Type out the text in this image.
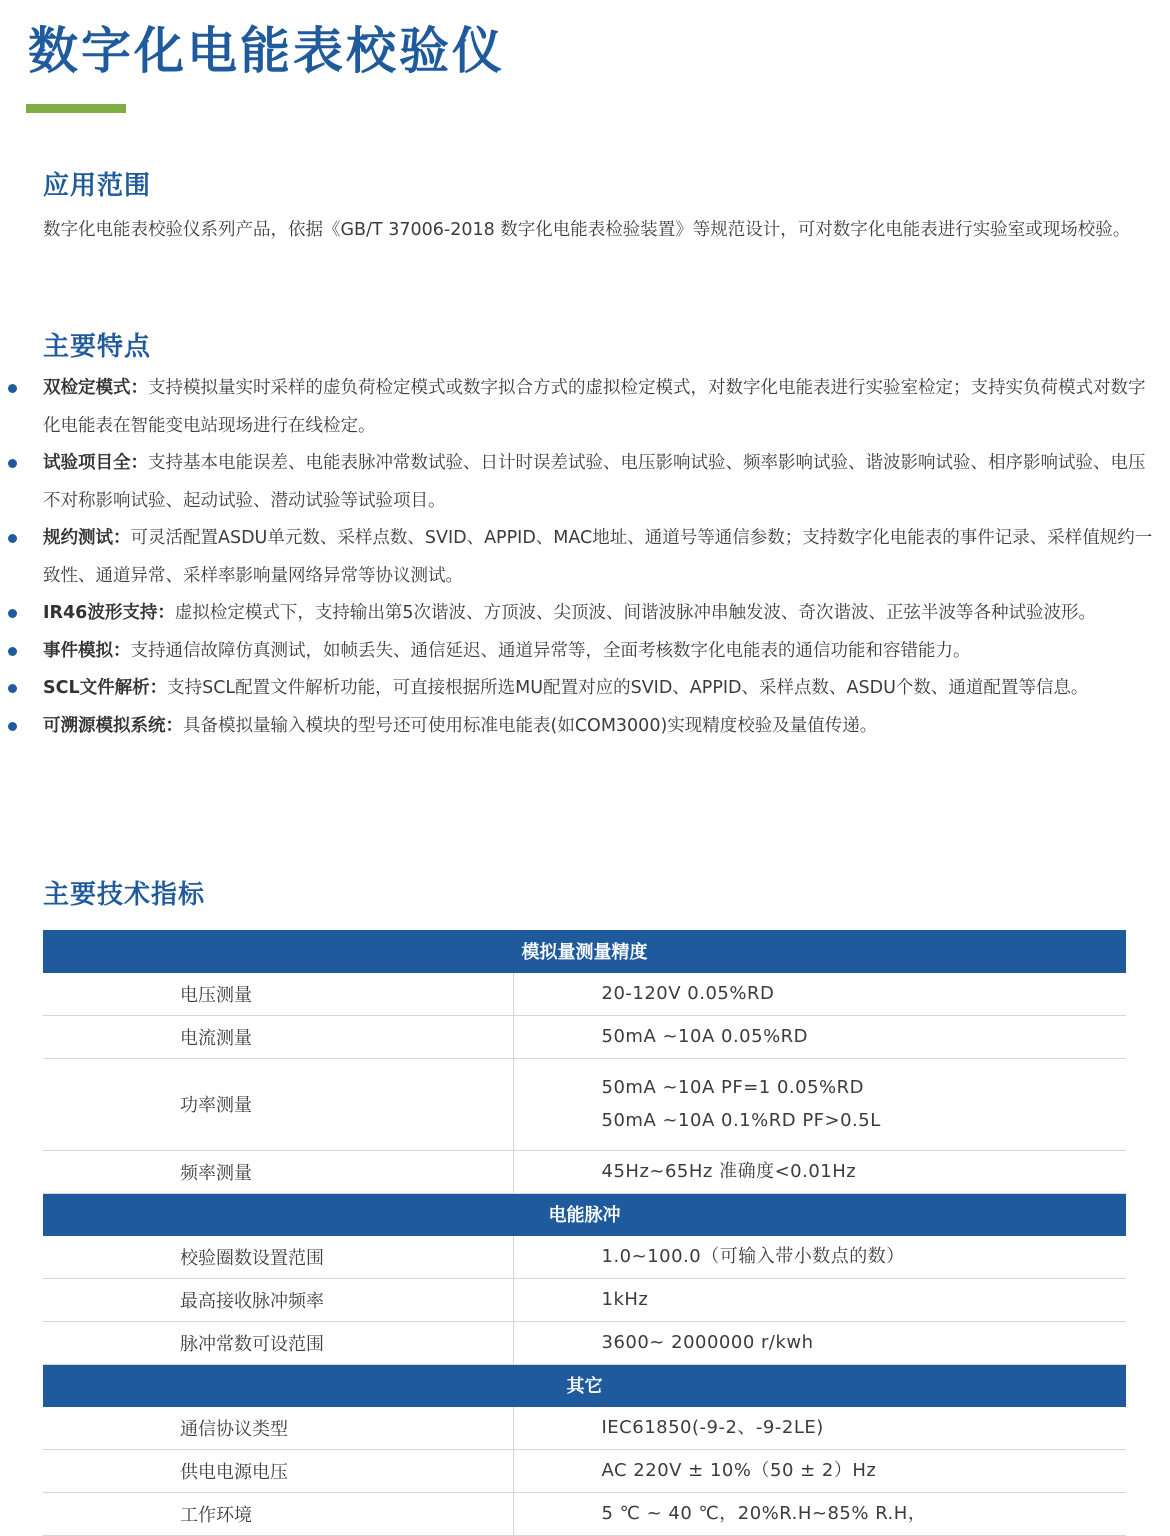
数字化电能表校验仪
应用范围
数字化电能表校验仪系列产品，依据《GB/T 37006-2018 数字化电能表检验装置》等规范设计，可对数字化电能表进行实验室或现场校验。
主要特点
双检定模式：支持模拟量实时采样的虚负荷检定模式或数字拟合方式的虚拟检定模式，对数字化电能表进行实验室检定；支持实负荷模式对数字化电能表在智能变电站现场进行在线检定。
试验项目全：支持基本电能误差、电能表脉冲常数试验、日计时误差试验、电压影响试验、频率影响试验、谐波影响试验、相序影响试验、电压不对称影响试验、起动试验、潜动试验等试验项目。
规约测试：可灵活配置ASDU单元数、采样点数、SVID、APPID、MAC地址、通道号等通信参数；支持数字化电能表的事件记录、采样值规约一致性、通道异常、采样率影响量网络异常等协议测试。
IR46波形支持：虚拟检定模式下，支持输出第5次谐波、方顶波、尖顶波、间谐波脉冲串触发波、奇次谐波、正弦半波等各种试验波形。
事件模拟：支持通信故障仿真测试，如帧丢失、通信延迟、通道异常等，全面考核数字化电能表的通信功能和容错能力。
SCL文件解析：支持SCL配置文件解析功能，可直接根据所选MU配置对应的SVID、APPID、采样点数、ASDU个数、通道配置等信息。
可溯源模拟系统：具备模拟量输入模块的型号还可使用标准电能表(如COM3000)实现精度校验及量值传递。
主要技术指标
模拟量测量精度	
电压测量	20-120V 0.05%RD

电流测量	50mA ~10A 0.05%RD

功率测量	50mA ~10A PF=1 0.05%RD
50mA ~10A 0.1%RD PF>0.5L

频率测量	45Hz~65Hz 准确度<0.01Hz

电能脉冲	
校验圈数设置范围	1.0~100.0（可输入带小数点的数）

最高接收脉冲频率	1kHz

脉冲常数可设范围	3600~ 2000000 r/kwh

其它	
通信协议类型	IEC61850(-9-2、-9-2LE)

供电电源电压	AC 220V ± 10%（50 ± 2）Hz

工作环境	5 ℃ ~ 40 ℃，20%R.H~85% R.H，
